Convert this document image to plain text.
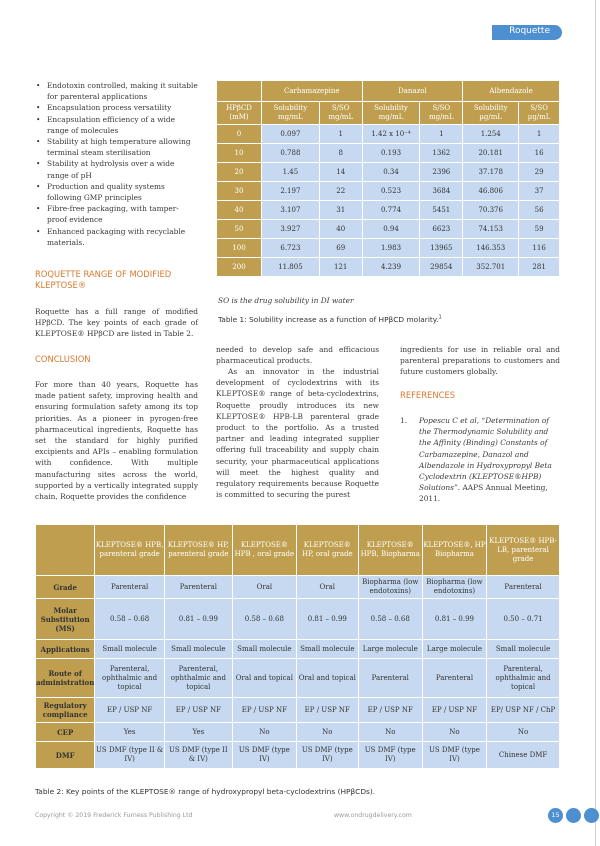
Roquette
• Endotoxin controlled, making it suitable for parenteral applications
• Encapsulation process versatility
• Encapsulation efficiency of a wide range of molecules
• Stability at high temperature allowing terminal steam sterilisation
• Stability at hydrolysis over a wide range of pH
• Production and quality systems following GMP principles
• Fibre-free packaging, with tamper-proof evidence
• Enhanced packaging with recyclable materials.
ROQUETTE RANGE OF MODIFIED KLEPTOSE®

Roquette has a full range of modified HPβCD. The key points of each grade of KLEPTOSE® HPβCD are listed in Table 2.

CONCLUSION

For more than 40 years, Roquette has made patient safety, improving health and ensuring formulation safety among its top priorities. As a pioneer in pyrogen-free pharmaceutical ingredients, Roquette has set the standard for highly purified excipients and APIs – enabling formulation with confidence. With multiple manufacturing sites across the world, supported by a vertically integrated supply chain, Roquette provides the confidence

needed to develop safe and efficacious pharmaceutical products.

As an innovator in the industrial development of cyclodextrins with its KLEPTOSE® range of beta-cyclodextrins, Roquette proudly introduces its new KLEPTOSE® HPB-LB parenteral grade product to the portfolio. As a trusted partner and leading integrated supplier offering full traceability and supply chain security, your pharmaceutical applications will meet the highest quality and regulatory requirements because Roquette is committed to securing the purest

ingredients for use in reliable oral and parenteral preparations to customers and future customers globally.

REFERENCES
1. Popescu C et al, “Determination of the Thermodynamic Solubility and the Affinity (Binding) Constants of Carbamazepine, Danazol and Albendazole in Hydroxypropyl Beta Cyclodextrin (KLEPTOSE®HPB) Solutions”. AAPS Annual Meeting, 2011.
	Carbamazepine		Danazol		Albendazole	
HPβCD (mM)	Solubility mg/mL	S/SO mg/mL	Solubility mg/mL	S/SO mg/mL	Solubility µg/mL	S/SO µg/mL
0	0.097	1	1.42 x 10⁻⁴	1	1.254	1
10	0.788	8	0.193	1362	20.181	16
20	1.45	14	0.34	2396	37.178	29
30	2.197	22	0.523	3684	46.806	37
40	3.107	31	0.774	5451	70.376	56
50	3.927	40	0.94	6623	74.153	59
100	6.723	69	1.983	13965	146.353	116
200	11.805	121	4.239	29854	352.701	281
SO is the drug solubility in DI water
Table 1: Solubility increase as a function of HPβCD molarity.$^1$
	KLEPTOSE® HPB, parenteral grade	KLEPTOSE® HP, parenteral grade	KLEPTOSE® HPB , oral grade	KLEPTOSE® HP, oral grade	KLEPTOSE® HPB, Biopharma	KLEPTOSE®, HP Biopharma	KLEPTOSE® HPB-LB, parenteral grade
Grade	Parenteral	Parenteral	Oral	Oral	Biopharma (low endotoxins)	Biopharma (low endotoxins)	Parenteral
Molar Substitution (MS)	0.58 – 0.68	0.81 – 0.99	0.58 – 0.68	0.81 – 0.99	0.58 – 0.68	0.81 – 0.99	0.50 – 0.71
Applications	Small molecule	Small molecule	Small molecule	Small molecule	Large molecule	Large molecule	Small molecule
Route of administration	Parenteral, ophthalmic and topical	Parenteral, ophthalmic and topical	Oral and topical	Oral and topical	Parenteral	Parenteral	Parenteral, ophthalmic and topical
Regulatory compliance	EP / USP NF	EP / USP NF	EP / USP NF	EP / USP NF	EP / USP NF	EP / USP NF	EP/ USP NF / ChP
CEP	Yes	Yes	No	No	No	No	No
DMF	US DMF (type II & IV)	US DMF (type II & IV)	US DMF (type IV)	US DMF (type IV)	US DMF (type IV)	US DMF (type IV)	Chinese DMF
Table 2: Key points of the KLEPTOSE® range of hydroxypropyl beta-cyclodextrins (HPβCDs).
Copyright © 2019 Frederick Furness Publishing Ltd	www.ondrugdelivery.com	15
